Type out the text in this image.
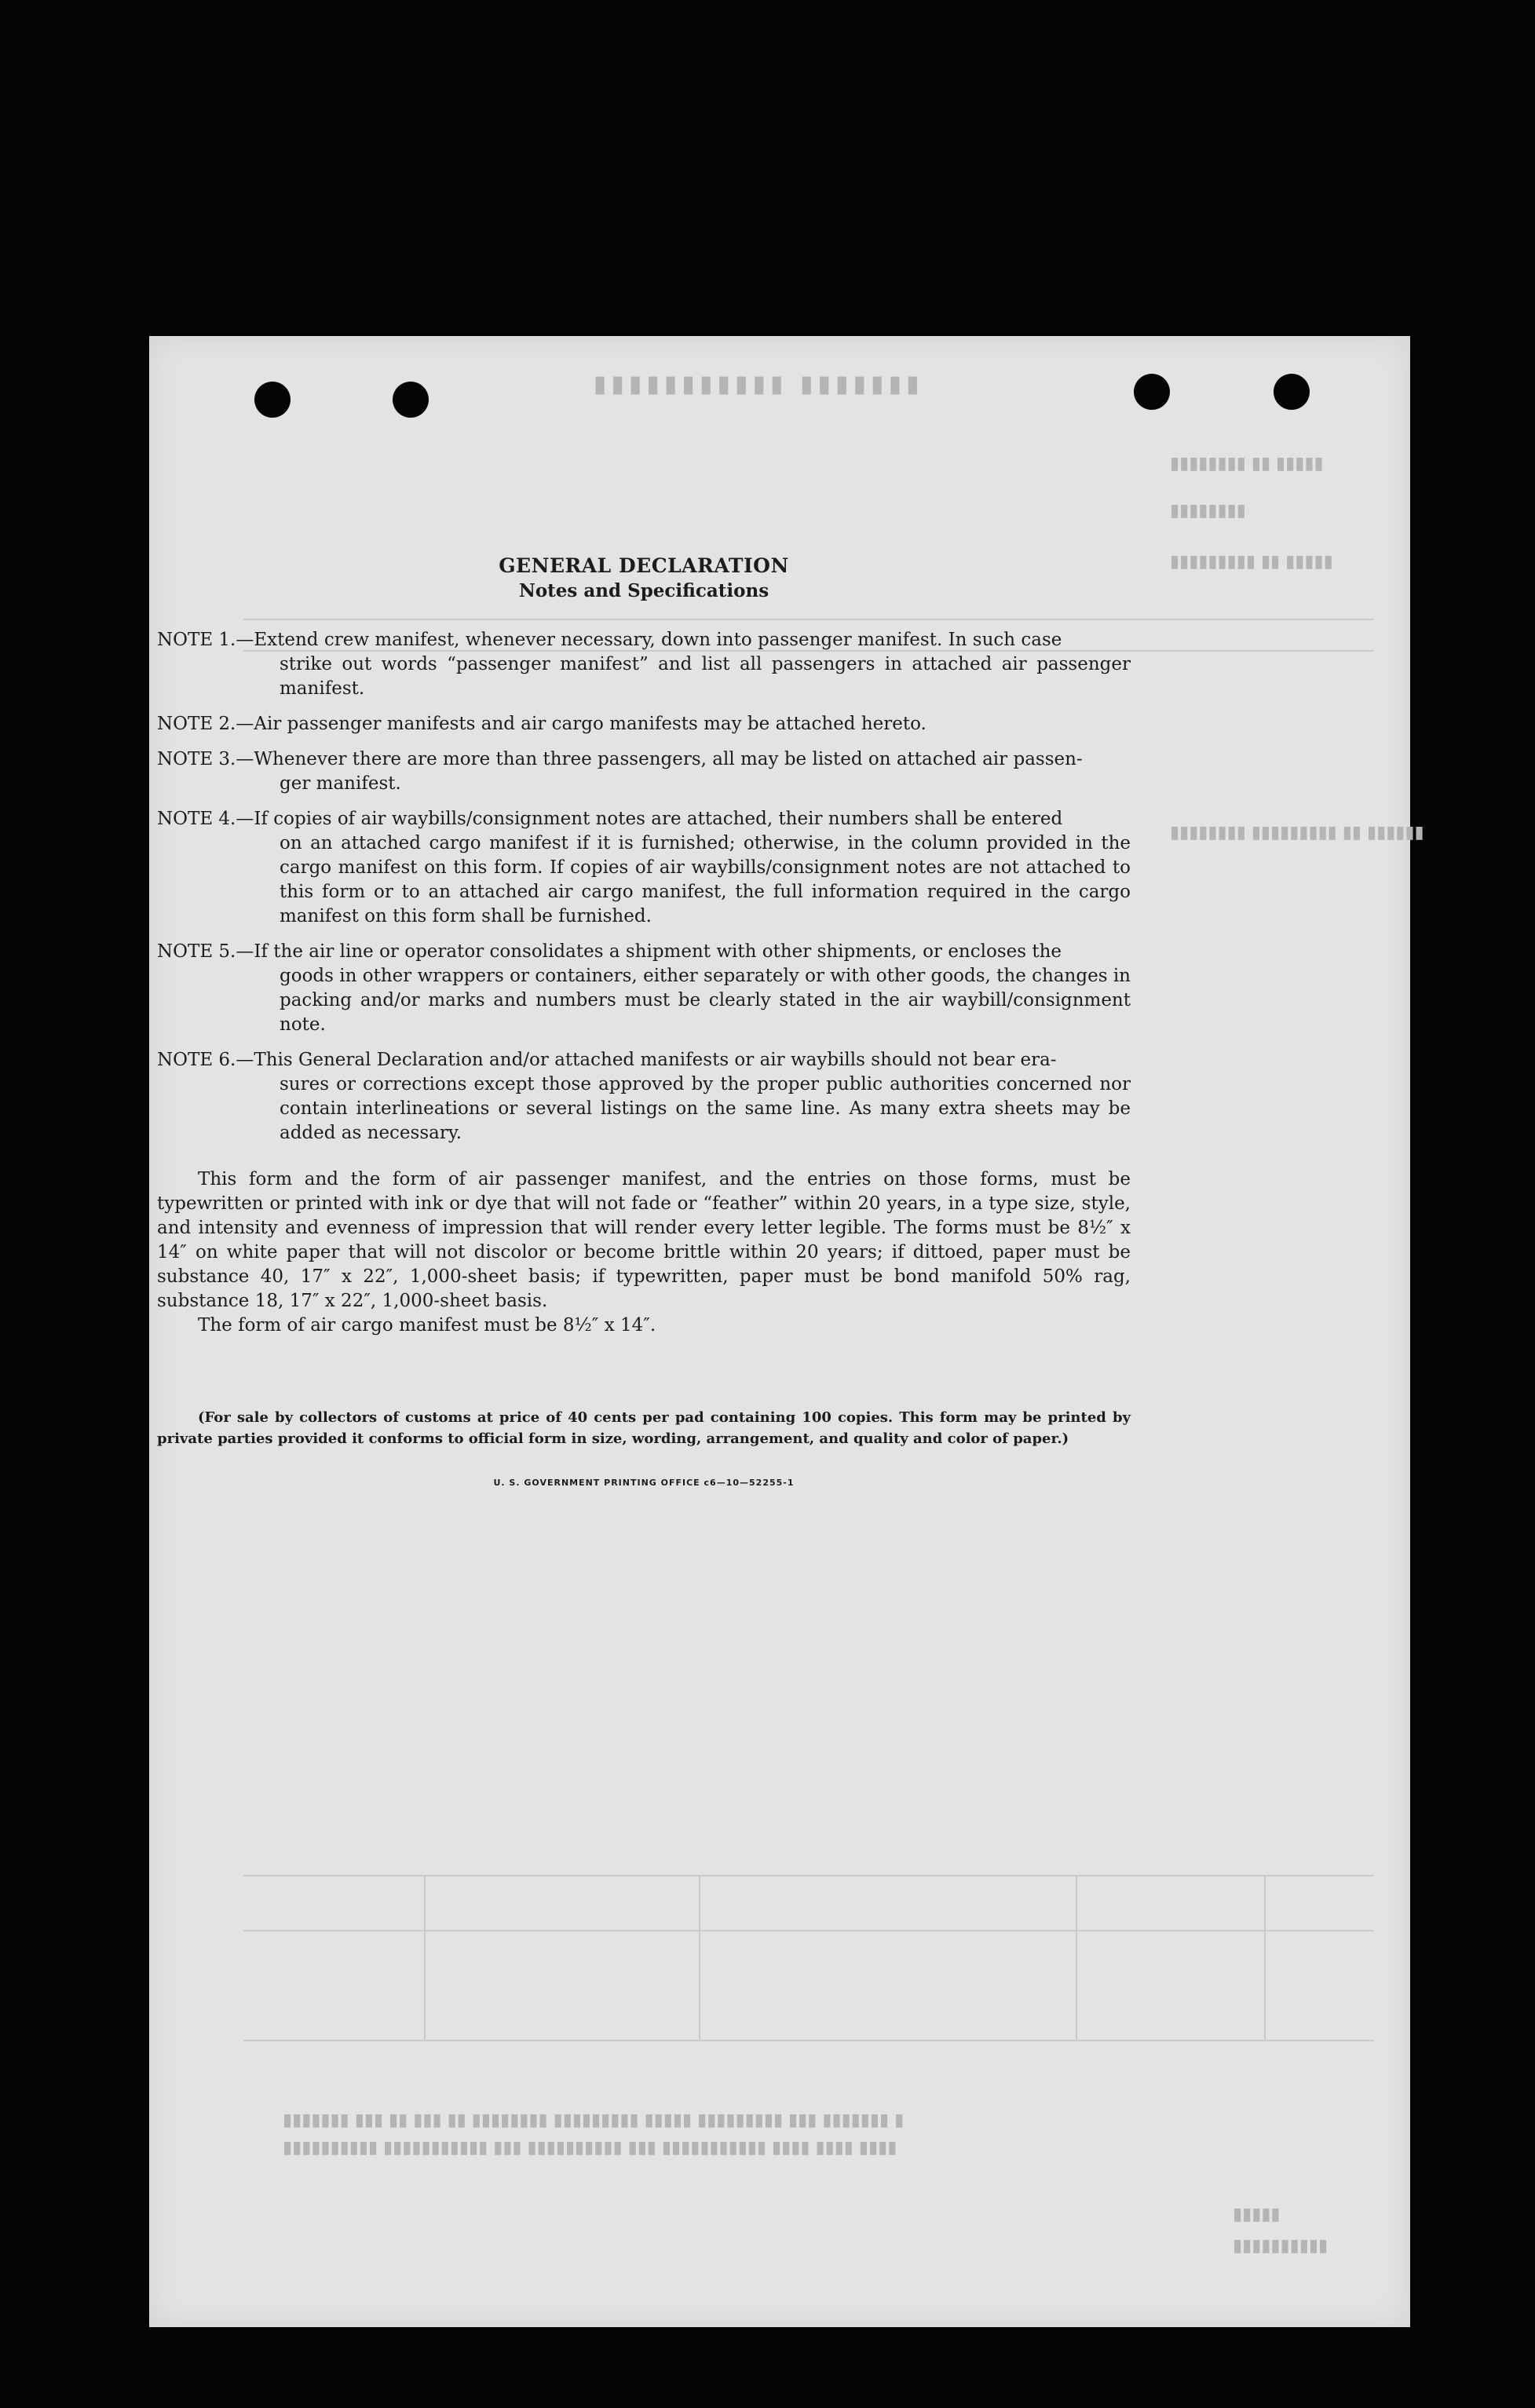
▮▮▮▮▮▮▮ ▮▮▮▮▮▮▮▮▮▮▮
▮▮▮▮▮ ▮▮ ▮▮▮▮▮▮▮▮
▮▮▮▮▮▮▮▮
▮▮▮▮▮ ▮▮ ▮▮▮▮▮▮▮▮▮
▮▮▮▮▮▮ ▮▮ ▮▮▮▮▮▮▮▮▮ ▮▮▮▮▮▮▮▮
▮ ▮▮▮▮▮▮▮ ▮▮▮ ▮▮▮▮▮▮▮▮▮ ▮▮▮▮▮ ▮▮▮▮▮▮▮▮▮ ▮▮▮▮▮▮▮▮ ▮▮ ▮▮▮ ▮▮ ▮▮▮ ▮▮▮▮▮▮▮
▮▮▮▮ ▮▮▮▮ ▮▮▮▮ ▮▮▮▮▮▮▮▮▮▮▮ ▮▮▮ ▮▮▮▮▮▮▮▮▮▮ ▮▮▮ ▮▮▮▮▮▮▮▮▮▮▮ ▮▮▮▮▮▮▮▮▮▮
▮▮▮▮▮
▮▮▮▮▮▮▮▮▮▮
GENERAL DECLARATION
Notes and Specifications
NOTE 1. —Extend crew manifest, whenever necessary, down into passenger manifest. In such case
strike out words “passenger manifest” and list all passengers in attached air passenger manifest.
NOTE 2. —Air passenger manifests and air cargo manifests may be attached hereto.
NOTE 3. —Whenever there are more than three passengers, all may be listed on attached air passen-
ger manifest.
NOTE 4. —If copies of air waybills/consignment notes are attached, their numbers shall be entered
on an attached cargo manifest if it is furnished; otherwise, in the column provided in the cargo manifest on this form. If copies of air waybills/consignment notes are not attached to this form or to an attached air cargo manifest, the full information required in the cargo manifest on this form shall be furnished.
NOTE 5. —If the air line or operator consolidates a shipment with other shipments, or encloses the
goods in other wrappers or containers, either separately or with other goods, the changes in packing and/or marks and numbers must be clearly stated in the air waybill/consignment note.
NOTE 6. —This General Declaration and/or attached manifests or air waybills should not bear era-
sures or corrections except those approved by the proper public authorities concerned nor contain interlineations or several listings on the same line. As many extra sheets may be added as necessary.
This form and the form of air passenger manifest, and the entries on those forms, must be typewritten or printed with ink or dye that will not fade or “feather” within 20 years, in a type size, style, and intensity and evenness of impression that will render every letter legible. The forms must be 8½″ x 14″ on white paper that will not discolor or become brittle within 20 years; if dittoed, paper must be substance 40, 17″ x 22″, 1,000-sheet basis; if typewritten, paper must be bond manifold 50% rag, substance 18, 17″ x 22″, 1,000-sheet basis.
The form of air cargo manifest must be 8½″ x 14″.
(For sale by collectors of customs at price of 40 cents per pad containing 100 copies. This form may be printed by private parties provided it conforms to official form in size, wording, arrangement, and quality and color of paper.)
U. S. GOVERNMENT PRINTING OFFICE c6—10—52255-1
